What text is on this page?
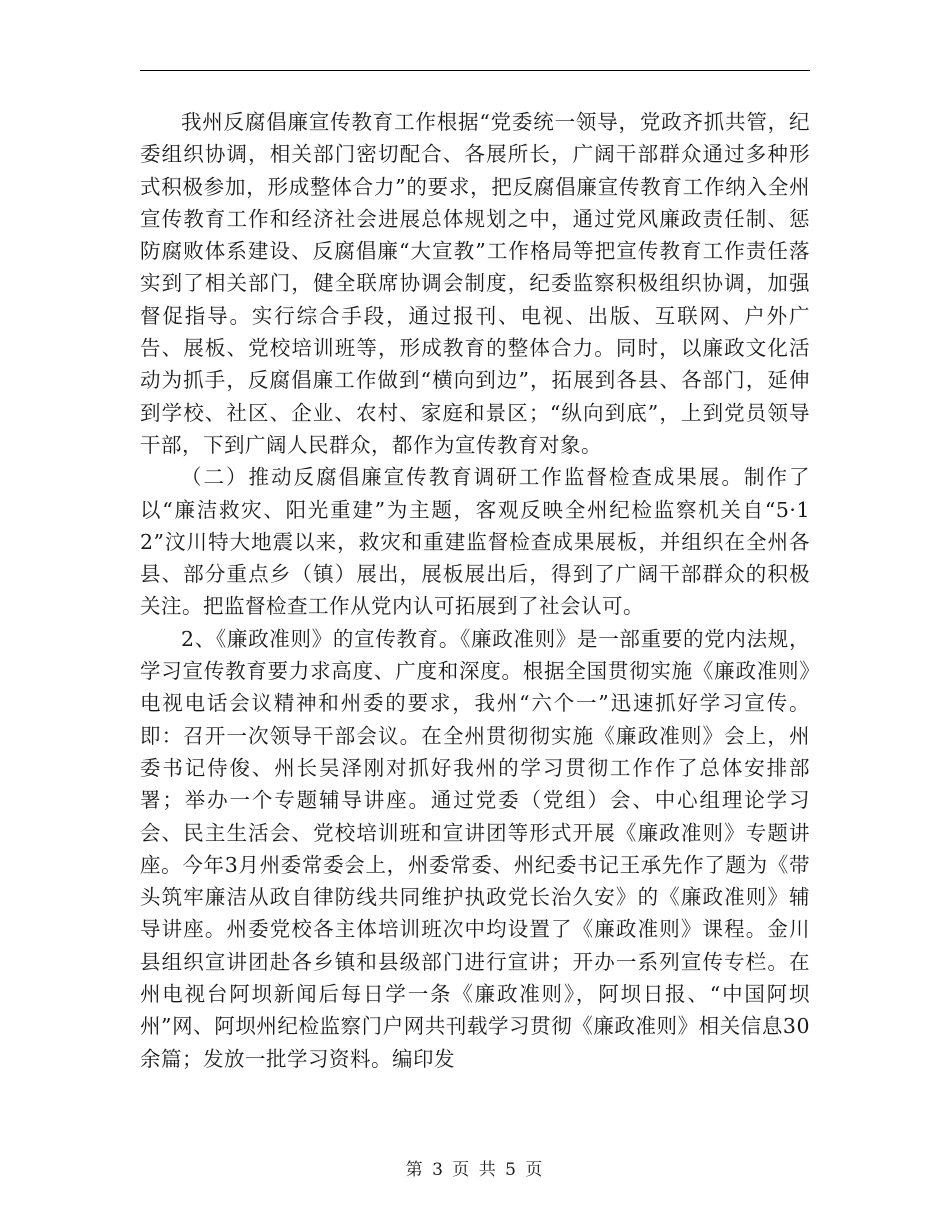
我州反腐倡廉宣传教育工作根据“党委统一领导，党政齐抓共管，纪委组织协调，相关部门密切配合、各展所长，广阔干部群众通过多种形式积极参加，形成整体合力”的要求，把反腐倡廉宣传教育工作纳入全州宣传教育工作和经济社会进展总体规划之中，通过党风廉政责任制、惩防腐败体系建设、反腐倡廉“大宣教”工作格局等把宣传教育工作责任落实到了相关部门，健全联席协调会制度，纪委监察积极组织协调，加强督促指导。实行综合手段，通过报刊、电视、出版、互联网、户外广告、展板、党校培训班等，形成教育的整体合力。同时，以廉政文化活动为抓手，反腐倡廉工作做到“横向到边”，拓展到各县、各部门，延伸到学校、社区、企业、农村、家庭和景区；“纵向到底”，上到党员领导干部，下到广阔人民群众，都作为宣传教育对象。

（二）推动反腐倡廉宣传教育调研工作监督检查成果展。制作了以“廉洁救灾、阳光重建”为主题，客观反映全州纪检监察机关自“5·12”汶川特大地震以来，救灾和重建监督检查成果展板，并组织在全州各县、部分重点乡（镇）展出，展板展出后，得到了广阔干部群众的积极关注。把监督检查工作从党内认可拓展到了社会认可。

2、《廉政准则》的宣传教育。《廉政准则》是一部重要的党内法规，学习宣传教育要力求高度、广度和深度。根据全国贯彻实施《廉政准则》电视电话会议精神和州委的要求，我州“六个一”迅速抓好学习宣传。即：召开一次领导干部会议。在全州贯彻彻实施《廉政准则》会上，州委书记侍俊、州长吴泽刚对抓好我州的学习贯彻工作作了总体安排部署；举办一个专题辅导讲座。通过党委（党组）会、中心组理论学习会、民主生活会、党校培训班和宣讲团等形式开展《廉政准则》专题讲座。今年3月州委常委会上，州委常委、州纪委书记王承先作了题为《带头筑牢廉洁从政自律防线共同维护执政党长治久安》的《廉政准则》辅导讲座。州委党校各主体培训班次中均设置了《廉政准则》课程。金川县组织宣讲团赴各乡镇和县级部门进行宣讲；开办一系列宣传专栏。在州电视台阿坝新闻后每日学一条《廉政准则》，阿坝日报、“中国阿坝州”网、阿坝州纪检监察门户网共刊载学习贯彻《廉政准则》相关信息30余篇；发放一批学习资料。编印发

第 3 页 共 5 页
